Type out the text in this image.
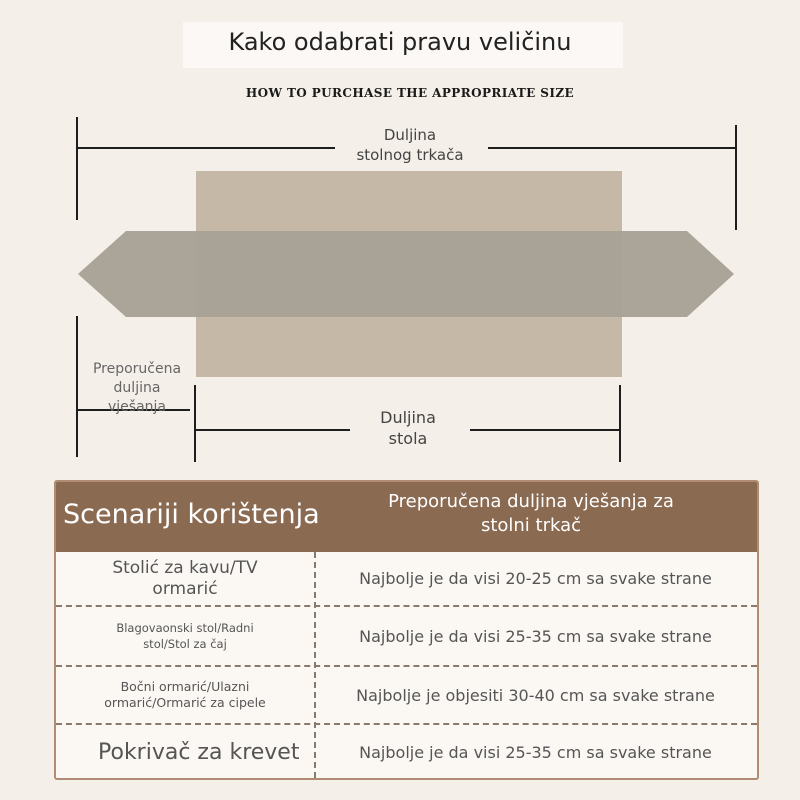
Kako odabrati pravu veličinu
HOW TO PURCHASE THE APPROPRIATE SIZE
Duljina
stolnog trkača
Duljina
stola
Preporučena
duljina
vješanja
Scenariji korištenja	Preporučena duljina vješanja za
stolni trkač
Stolić za kavu/TV
ormarić	Najbolje je da visi 20-25 cm sa svake strane
Blagovaonski stol/Radni
stol/Stol za čaj	Najbolje je da visi 25-35 cm sa svake strane
Bočni ormarić/Ulazni
ormarić/Ormarić za cipele	Najbolje je objesiti 30-40 cm sa svake strane
Pokrivač za krevet	Najbolje je da visi 25-35 cm sa svake strane
